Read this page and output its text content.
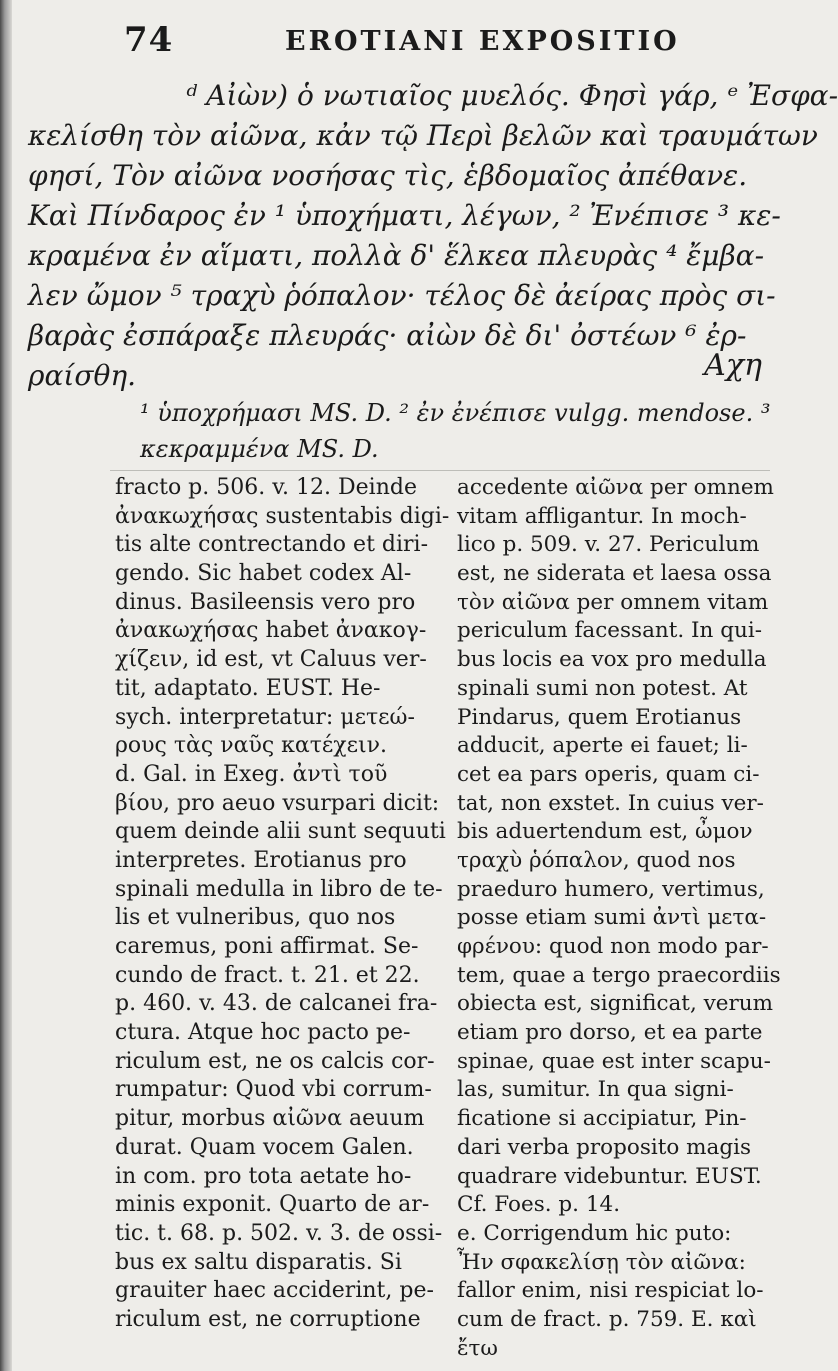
74	EROTIANI EXPOSITIO
ᵈ Αἰὼν) ὁ νωτιαῖος μυελός. Φησὶ γάρ, ᵉ Ἐσφα-
κελίσθη τὸν αἰῶνα, κἀν τῷ Περὶ βελῶν καὶ τραυμάτων
φησί, Τὸν αἰῶνα νοσήσας τὶς, ἑβδομαῖος ἀπέθανε.
Καὶ Πίνδαρος ἐν ¹ ὑποχήματι, λέγων, ² Ἐνέπισε ³ κε-
κραμένα ἐν αἵματι, πολλὰ δ' ἕλκεα πλευρὰς ⁴ ἔμβα-
λεν ὤμον ⁵ τραχὺ ῥόπαλον· τέλος δὲ ἀείρας πρὸς σι-
βαρὰς ἐσπάραξε πλευράς· αἰὼν δὲ δι' ὀστέων ⁶ ἐρ-
ραίσθη.	Αχη
¹ ὑποχρήμασι MS. D. ² ἐν ἐνέπισε vulgg. mendose. ³
κεκραμμένα MS. D.
fracto p. 506. v. 12. Deinde
ἀνακωχήσας sustentabis digi-
tis alte contrectando et diri-
gendo. Sic habet codex Al-
dinus. Basileensis vero pro
ἀνακωχήσας habet ἀνακογ-
χίζειν, id est, vt Caluus ver-
tit, adaptato. EUST. He-
sych. interpretatur: μετεώ-
ρους τὰς ναῦς κατέχειν.
d. Gal. in Exeg. ἀντὶ τοῦ
βίου, pro aeuo vsurpari dicit:
quem deinde alii sunt sequuti
interpretes. Erotianus pro
spinali medulla in libro de te-
lis et vulneribus, quo nos
caremus, poni affirmat. Se-
cundo de fract. t. 21. et 22.
p. 460. v. 43. de calcanei fra-
ctura. Atque hoc pacto pe-
riculum est, ne os calcis cor-
rumpatur: Quod vbi corrum-
pitur, morbus αἰῶνα aeuum
durat. Quam vocem Galen.
in com. pro tota aetate ho-
minis exponit. Quarto de ar-
tic. t. 68. p. 502. v. 3. de ossi-
bus ex saltu disparatis. Si
grauiter haec acciderint, pe-
riculum est, ne corruptione
accedente αἰῶνα per omnem
vitam affligantur. In moch-
lico p. 509. v. 27. Periculum
est, ne siderata et laesa ossa
τὸν αἰῶνα per omnem vitam
periculum facessant. In qui-
bus locis ea vox pro medulla
spinali sumi non potest. At
Pindarus, quem Erotianus
adducit, aperte ei fauet; li-
cet ea pars operis, quam ci-
tat, non exstet. In cuius ver-
bis aduertendum est, ὦμον
τραχὺ ῥόπαλον, quod nos
praeduro humero, vertimus,
posse etiam sumi ἀντὶ μετα-
φρένου: quod non modo par-
tem, quae a tergo praecordiis
obiecta est, significat, verum
etiam pro dorso, et ea parte
spinae, quae est inter scapu-
las, sumitur. In qua signi-
ficatione si accipiatur, Pin-
dari verba proposito magis
quadrare videbuntur. EUST.
Cf. Foes. p. 14.
e. Corrigendum hic puto:
Ἦν σφακελίσῃ τὸν αἰῶνα:
fallor enim, nisi respiciat lo-
cum de fract. p. 759. E. καὶ
ἔτω
